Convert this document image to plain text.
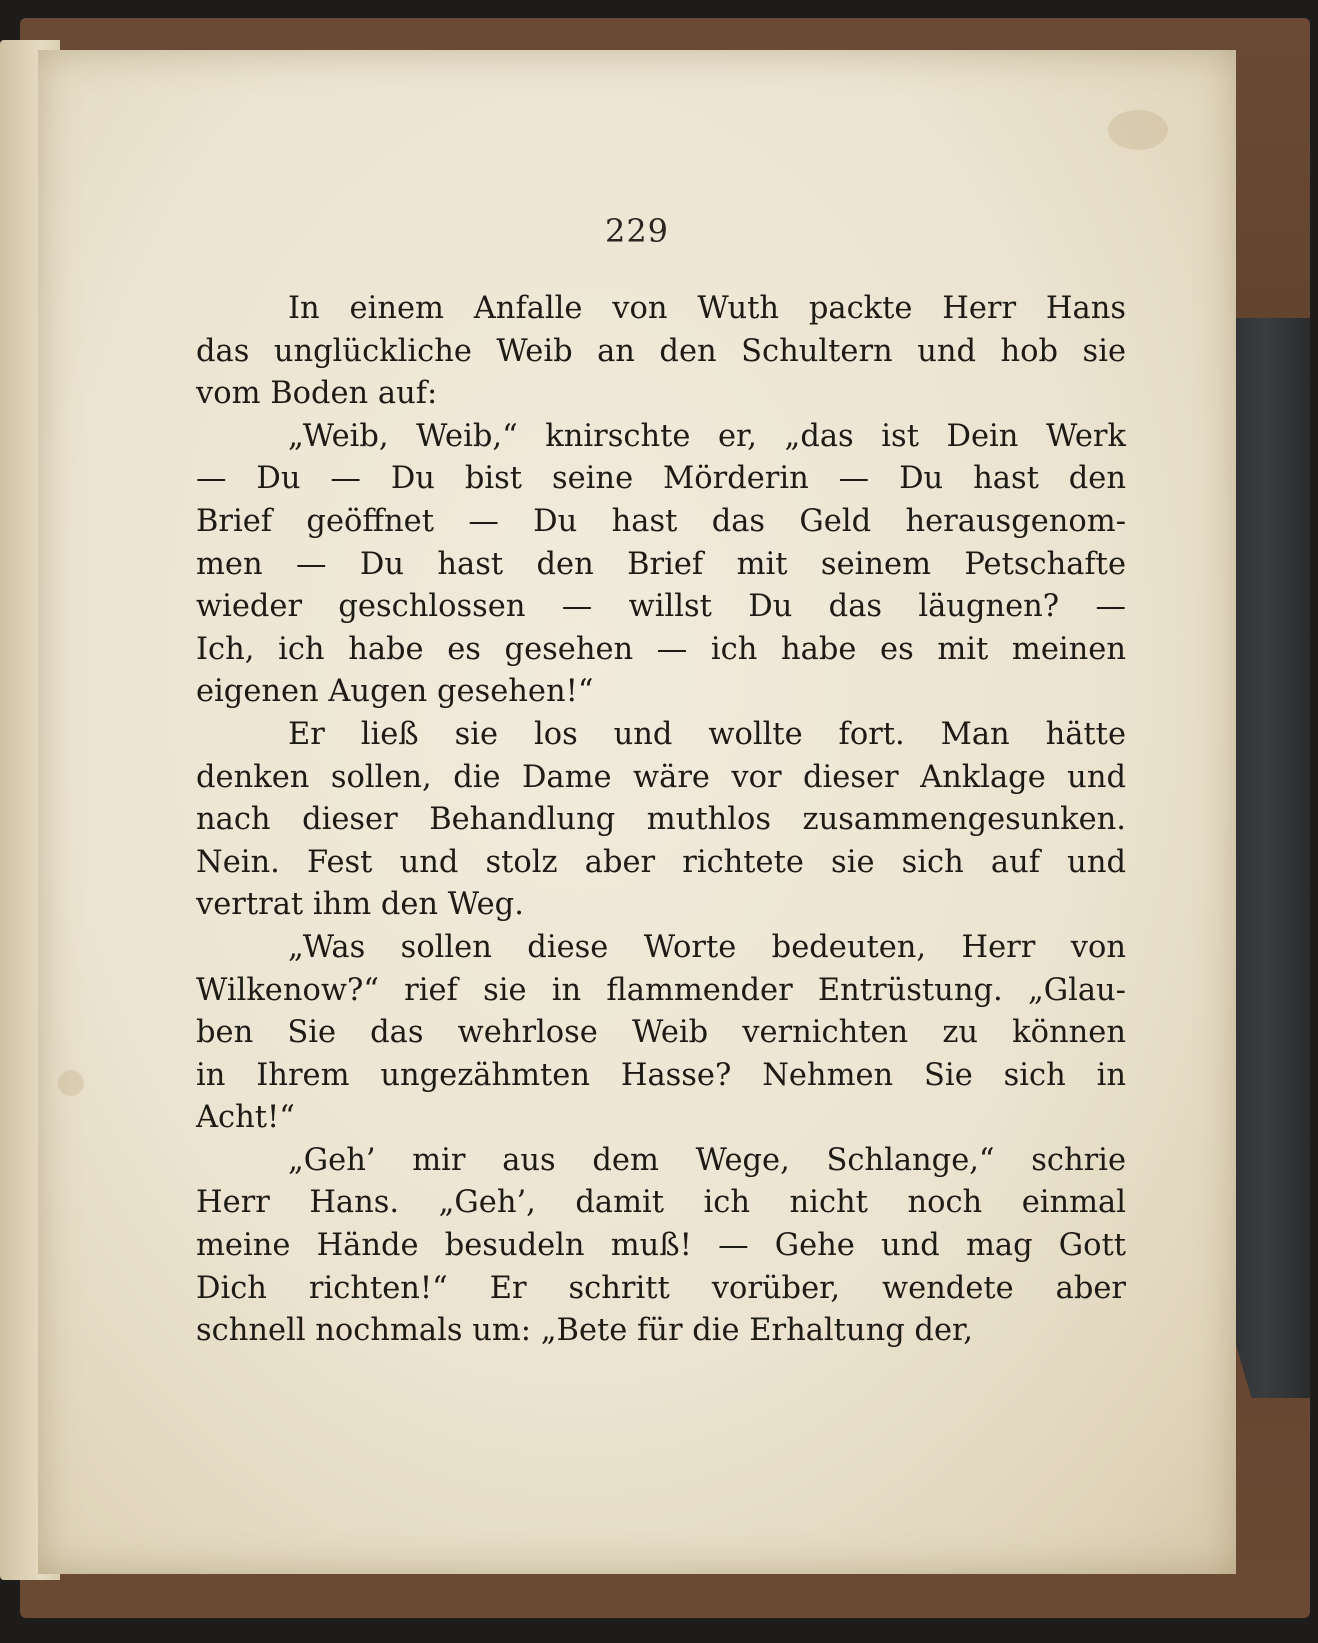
229
In einem Anfalle von Wuth packte Herr Hans
das unglückliche Weib an den Schultern und hob sie
vom Boden auf:
„Weib, Weib,“ knirschte er, „das ist Dein Werk
— Du — Du bist seine Mörderin — Du hast den
Brief geöffnet — Du hast das Geld herausgenom-
men — Du hast den Brief mit seinem Petschafte
wieder geschlossen — willst Du das läugnen? —
Ich, ich habe es gesehen — ich habe es mit meinen
eigenen Augen gesehen!“
Er ließ sie los und wollte fort. Man hätte
denken sollen, die Dame wäre vor dieser Anklage und
nach dieser Behandlung muthlos zusammengesunken.
Nein. Fest und stolz aber richtete sie sich auf und
vertrat ihm den Weg.
„Was sollen diese Worte bedeuten, Herr von
Wilkenow?“ rief sie in flammender Entrüstung. „Glau-
ben Sie das wehrlose Weib vernichten zu können
in Ihrem ungezähmten Hasse? Nehmen Sie sich in
Acht!“
„Geh’ mir aus dem Wege, Schlange,“ schrie
Herr Hans. „Geh’, damit ich nicht noch einmal
meine Hände besudeln muß! — Gehe und mag Gott
Dich richten!“ Er schritt vorüber, wendete aber
schnell nochmals um: „Bete für die Erhaltung der,
